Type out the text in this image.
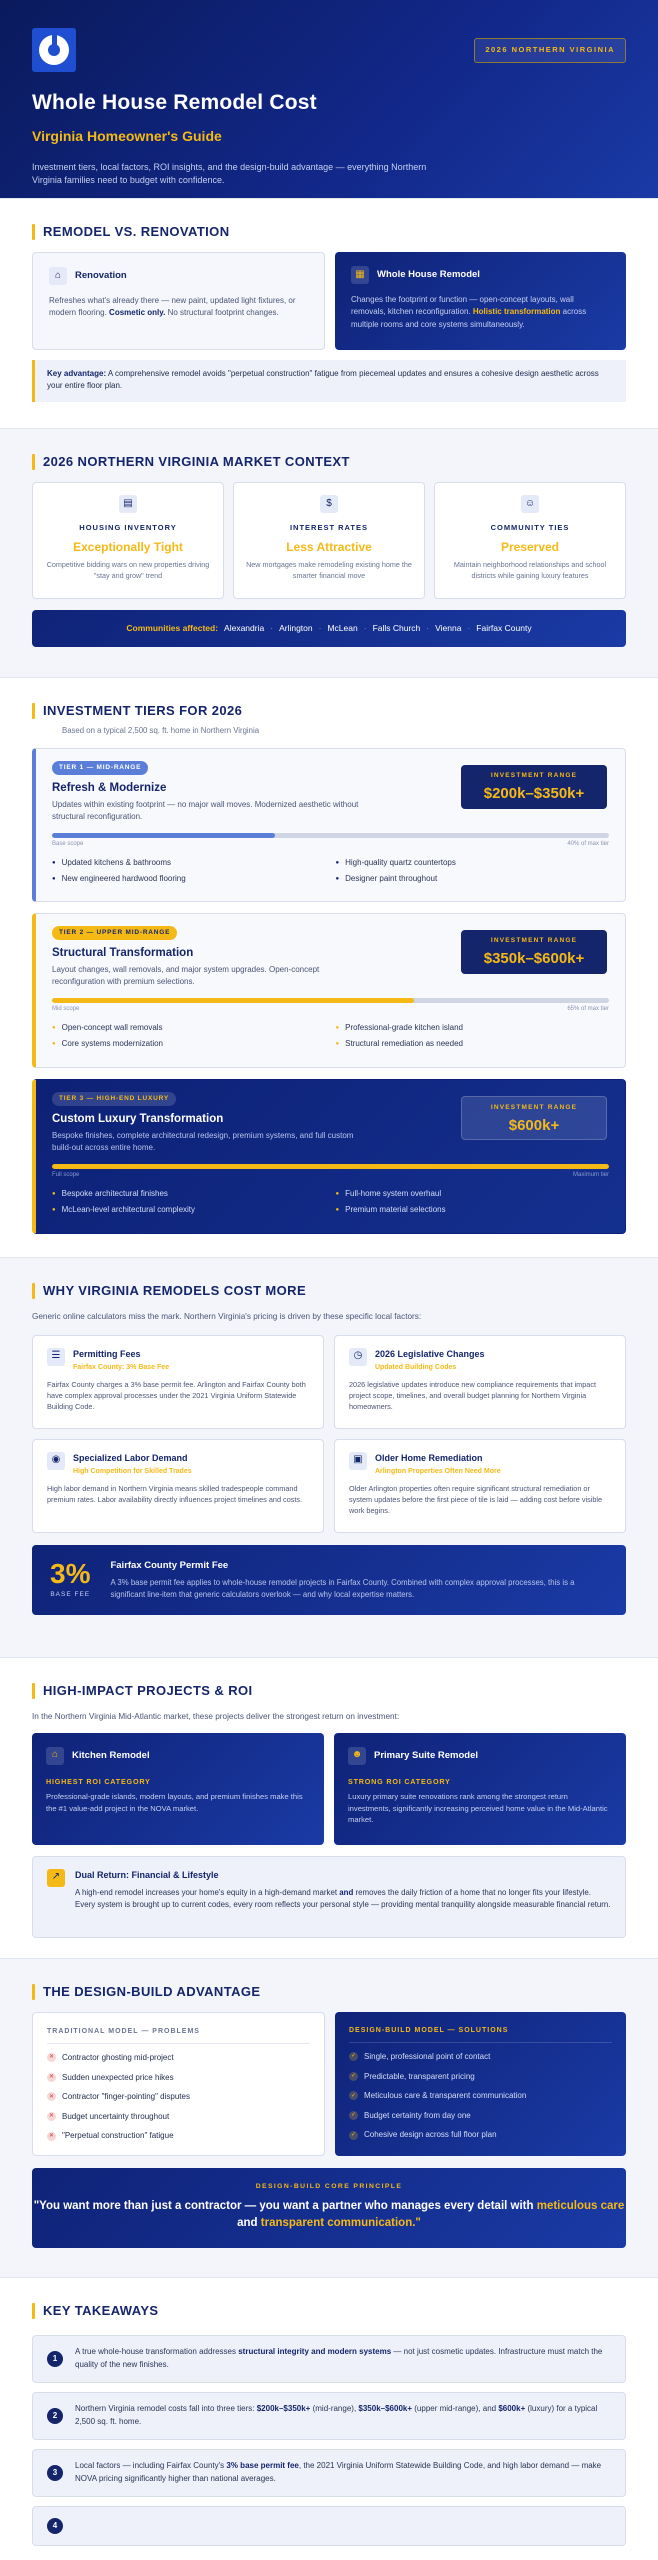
2026 NORTHERN VIRGINIA
Whole House Remodel Cost
Virginia Homeowner's Guide

Investment tiers, local factors, ROI insights, and the design-build advantage — everything Northern Virginia families need to budget with confidence.

REMODEL VS. RENOVATION
⌂	Renovation
Refreshes what's already there — new paint, updated light fixtures, or modern flooring. Cosmetic only. No structural footprint changes.
▦	Whole House Remodel
Changes the footprint or function — open-concept layouts, wall removals, kitchen reconfiguration. Holistic transformation across multiple rooms and core systems simultaneously.
Key advantage: A comprehensive remodel avoids "perpetual construction" fatigue from piecemeal updates and ensures a cohesive design aesthetic across your entire floor plan.
2026 NORTHERN VIRGINIA MARKET CONTEXT
▤
HOUSING INVENTORY
Exceptionally Tight
Competitive bidding wars on new properties driving "stay and grow" trend
$
INTEREST RATES
Less Attractive
New mortgages make remodeling existing home the smarter financial move
☺
COMMUNITY TIES
Preserved
Maintain neighborhood relationships and school districts while gaining luxury features
Communities affected: Alexandria · Arlington · McLean · Falls Church · Vienna · Fairfax County
INVESTMENT TIERS FOR 2026
Based on a typical 2,500 sq. ft. home in Northern Virginia
TIER 1 — MID-RANGE
Refresh & Modernize
Updates within existing footprint — no major wall moves. Modernized aesthetic without structural reconfiguration.
INVESTMENT RANGE
$200k–$350k+
Base scope	40% of max tier
● Updated kitchens & bathrooms	● High-quality quartz countertops
● New engineered hardwood flooring	● Designer paint throughout
TIER 2 — UPPER MID-RANGE
Structural Transformation
Layout changes, wall removals, and major system upgrades. Open-concept reconfiguration with premium selections.
INVESTMENT RANGE
$350k–$600k+
Mid scope	65% of max tier
● Open-concept wall removals	● Professional-grade kitchen island
● Core systems modernization	● Structural remediation as needed
TIER 3 — HIGH-END LUXURY
Custom Luxury Transformation
Bespoke finishes, complete architectural redesign, premium systems, and full custom build-out across entire home.
INVESTMENT RANGE
$600k+
Full scope	Maximum tier
● Bespoke architectural finishes	● Full-home system overhaul
● McLean-level architectural complexity	● Premium material selections
WHY VIRGINIA REMODELS COST MORE
Generic online calculators miss the mark. Northern Virginia's pricing is driven by these specific local factors:
☰	Permitting Fees
Fairfax County: 3% Base Fee
Fairfax County charges a 3% base permit fee. Arlington and Fairfax County both have complex approval processes under the 2021 Virginia Uniform Statewide Building Code.
◷	2026 Legislative Changes
Updated Building Codes
2026 legislative updates introduce new compliance requirements that impact project scope, timelines, and overall budget planning for Northern Virginia homeowners.
◉	Specialized Labor Demand
High Competition for Skilled Trades
High labor demand in Northern Virginia means skilled tradespeople command premium rates. Labor availability directly influences project timelines and costs.
▣	Older Home Remediation
Arlington Properties Often Need More
Older Arlington properties often require significant structural remediation or system updates before the first piece of tile is laid — adding cost before visible work begins.
3%
BASE FEE
Fairfax County Permit Fee
A 3% base permit fee applies to whole-house remodel projects in Fairfax County. Combined with complex approval processes, this is a significant line-item that generic calculators overlook — and why local expertise matters.
HIGH-IMPACT PROJECTS & ROI
In the Northern Virginia Mid-Atlantic market, these projects deliver the strongest return on investment:
⌂	Kitchen Remodel
HIGHEST ROI CATEGORY
Professional-grade islands, modern layouts, and premium finishes make this the #1 value-add project in the NOVA market.
☻	Primary Suite Remodel
STRONG ROI CATEGORY
Luxury primary suite renovations rank among the strongest return investments, significantly increasing perceived home value in the Mid-Atlantic market.
↗	Dual Return: Financial & Lifestyle
A high-end remodel increases your home's equity in a high-demand market and removes the daily friction of a home that no longer fits your lifestyle. Every system is brought up to current codes, every room reflects your personal style — providing mental tranquility alongside measurable financial return.
THE DESIGN-BUILD ADVANTAGE
TRADITIONAL MODEL — PROBLEMS
✕ Contractor ghosting mid-project
✕ Sudden unexpected price hikes
✕ Contractor "finger-pointing" disputes
✕ Budget uncertainty throughout
✕ "Perpetual construction" fatigue
DESIGN-BUILD MODEL — SOLUTIONS
✓ Single, professional point of contact
✓ Predictable, transparent pricing
✓ Meticulous care & transparent communication
✓ Budget certainty from day one
✓ Cohesive design across full floor plan
DESIGN-BUILD CORE PRINCIPLE
"You want more than just a contractor — you want a partner who manages every detail with meticulous care and transparent communication."
KEY TAKEAWAYS
1

A true whole-house transformation addresses structural integrity and modern systems — not just cosmetic updates. Infrastructure must match the quality of the new finishes.

2

Northern Virginia remodel costs fall into three tiers: $200k–$350k+ (mid-range), $350k–$600k+ (upper mid-range), and $600k+ (luxury) for a typical 2,500 sq. ft. home.

3

Local factors — including Fairfax County's 3% base permit fee, the 2021 Virginia Uniform Statewide Building Code, and high labor demand — make NOVA pricing significantly higher than national averages.

4
